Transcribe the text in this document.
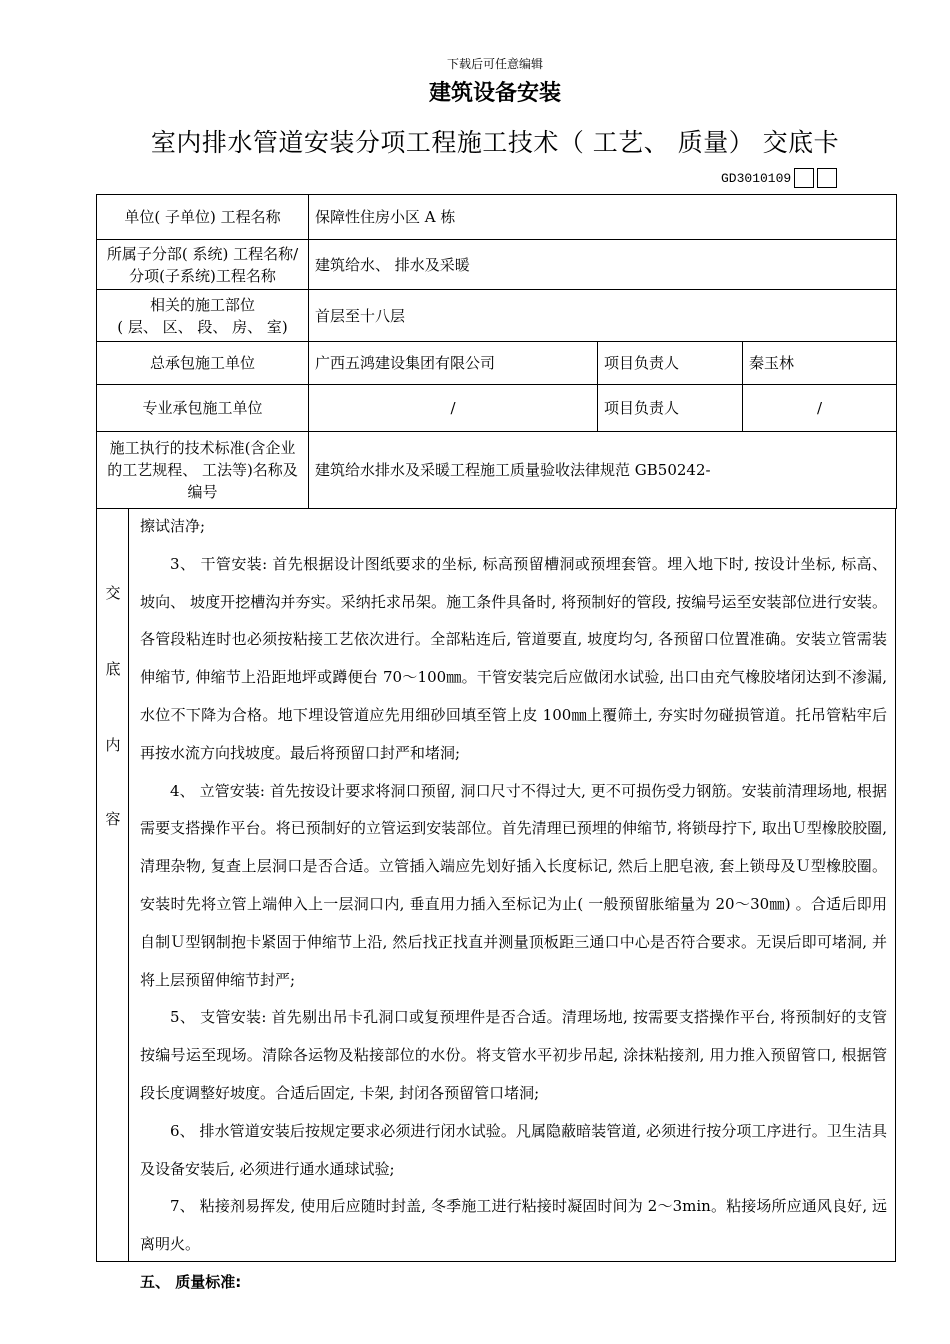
下载后可任意编辑
建筑设备安装
室内排水管道安装分项工程施工技术（ 工艺、 质量） 交底卡
GD3010109
单位( 子单位) 工程名称	保障性住房小区 A 栋		
所属子分部( 系统) 工程名称/分项(子系统)工程名称	建筑给水、 排水及采暖		

相关的施工部位
( 层、 区、 段、 房、 室)	首层至十八层		
总承包施工单位	广西五鸿建设集团有限公司	项目负责人	秦玉林
专业承包施工单位	/	项目负责人	/
施工执行的技术标准(含企业的工艺规程、 工法等)名称及编号	建筑给水排水及采暖工程施工质量验收法律规范 GB50242-		
交
底
内
容

擦试洁净;

3、 干管安装: 首先根据设计图纸要求的坐标, 标高预留槽洞或预埋套管。埋入地下时, 按设计坐标, 标高、 坡向、 坡度开挖槽沟并夯实。采纳托求吊架。施工条件具备时, 将预制好的管段, 按编号运至安装部位进行安装。各管段粘连时也必须按粘接工艺依次进行。全部粘连后, 管道要直, 坡度均匀, 各预留口位置准确。安装立管需装伸缩节, 伸缩节上沿距地坪或蹲便台 70～100㎜。干管安装完后应做闭水试验, 出口由充气橡胶堵闭达到不渗漏, 水位不下降为合格。地下埋设管道应先用细砂回填至管上皮 100㎜上覆筛土, 夯实时勿碰损管道。托吊管粘牢后再按水流方向找坡度。最后将预留口封严和堵洞;

4、 立管安装: 首先按设计要求将洞口预留, 洞口尺寸不得过大, 更不可损伤受力钢筋。安装前清理场地, 根据需要支搭操作平台。将已预制好的立管运到安装部位。首先清理已预埋的伸缩节, 将锁母拧下, 取出Ｕ型橡胶胶圈, 清理杂物, 复查上层洞口是否合适。立管插入端应先划好插入长度标记, 然后上肥皂液, 套上锁母及Ｕ型橡胶圈。安装时先将立管上端伸入上一层洞口内, 垂直用力插入至标记为止( 一般预留胀缩量为 20～30㎜) 。合适后即用自制Ｕ型钢制抱卡紧固于伸缩节上沿, 然后找正找直并测量顶板距三通口中心是否符合要求。无误后即可堵洞, 并将上层预留伸缩节封严;

5、 支管安装: 首先剔出吊卡孔洞口或复预埋件是否合适。清理场地, 按需要支搭操作平台, 将预制好的支管按编号运至现场。清除各运物及粘接部位的水份。将支管水平初步吊起, 涂抹粘接剂, 用力推入预留管口, 根据管段长度调整好坡度。合适后固定, 卡架, 封闭各预留管口堵洞;

6、 排水管道安装后按规定要求必须进行闭水试验。凡属隐蔽暗装管道, 必须进行按分项工序进行。卫生洁具及设备安装后, 必须进行通水通球试验;

7、 粘接剂易挥发, 使用后应随时封盖, 冬季施工进行粘接时凝固时间为 2～3min。粘接场所应通风良好, 远离明火。

五、 质量标准:
